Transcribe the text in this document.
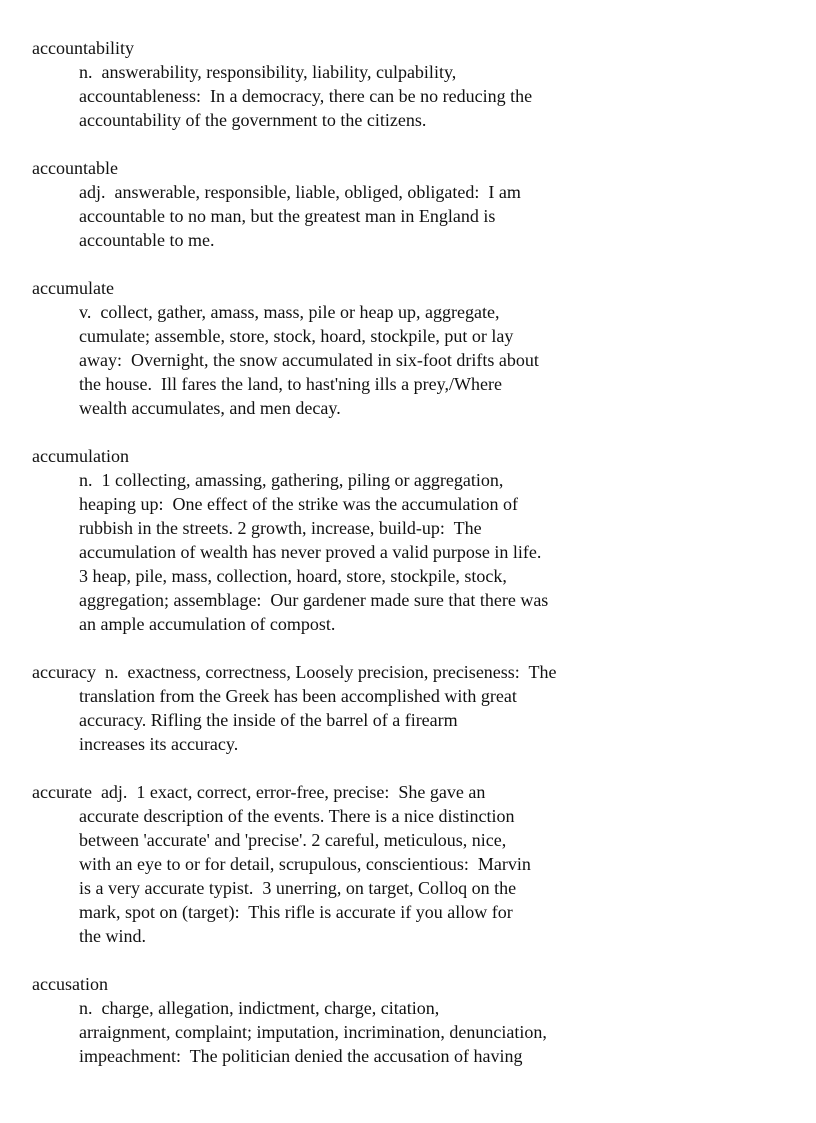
accountability
n.  answerability, responsibility, liability, culpability,
accountableness:  In a democracy, there can be no reducing the
accountability of the government to the citizens.
accountable
adj.  answerable, responsible, liable, obliged, obligated:  I am
accountable to no man, but the greatest man in England is
accountable to me.
accumulate
v.  collect, gather, amass, mass, pile or heap up, aggregate,
cumulate; assemble, store, stock, hoard, stockpile, put or lay
away:  Overnight, the snow accumulated in six-foot drifts about
the house.  Ill fares the land, to hast'ning ills a prey,/Where
wealth accumulates, and men decay.
accumulation
n.  1 collecting, amassing, gathering, piling or aggregation,
heaping up:  One effect of the strike was the accumulation of
rubbish in the streets. 2 growth, increase, build-up:  The
accumulation of wealth has never proved a valid purpose in life.
3 heap, pile, mass, collection, hoard, store, stockpile, stock,
aggregation; assemblage:  Our gardener made sure that there was
an ample accumulation of compost.
accuracy  n.  exactness, correctness, Loosely precision, preciseness:  The
translation from the Greek has been accomplished with great
accuracy. Rifling the inside of the barrel of a firearm
increases its accuracy.
accurate  adj.  1 exact, correct, error-free, precise:  She gave an
accurate description of the events. There is a nice distinction
between 'accurate' and 'precise'. 2 careful, meticulous, nice,
with an eye to or for detail, scrupulous, conscientious:  Marvin
is a very accurate typist.  3 unerring, on target, Colloq on the
mark, spot on (target):  This rifle is accurate if you allow for
the wind.
accusation
n.  charge, allegation, indictment, charge, citation,
arraignment, complaint; imputation, incrimination, denunciation,
impeachment:  The politician denied the accusation of having
